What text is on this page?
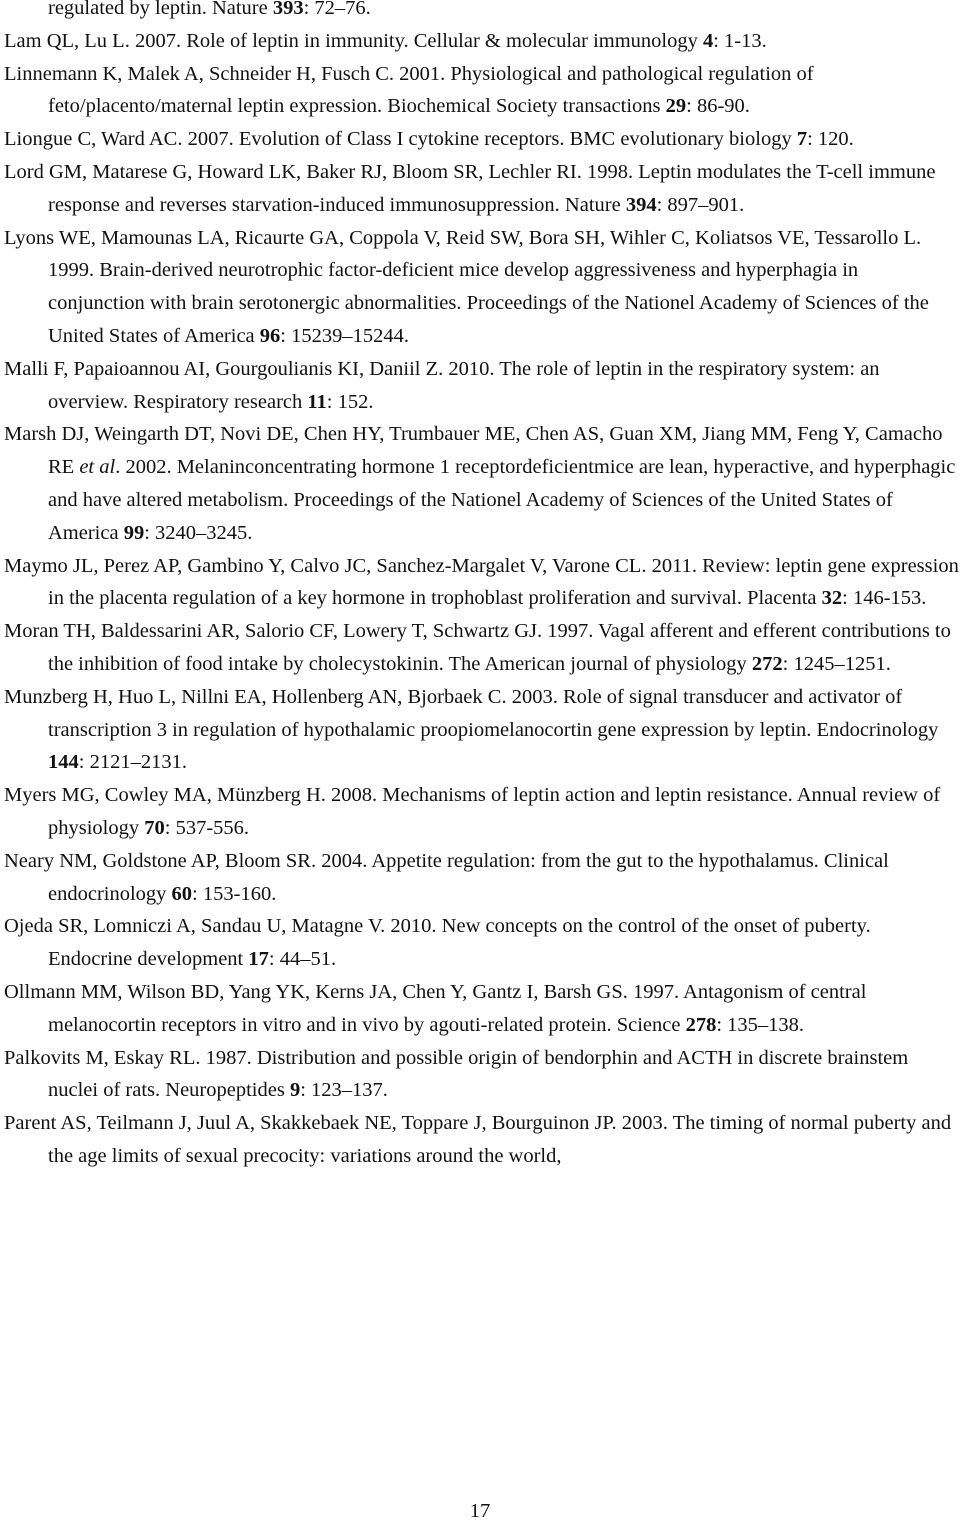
regulated by leptin. Nature 393: 72–76.

Lam QL, Lu L. 2007. Role of leptin in immunity. Cellular & molecular immunology 4: 1-13.

Linnemann K, Malek A, Schneider H, Fusch C. 2001. Physiological and pathological regulation of feto/placento/maternal leptin expression. Biochemical Society transactions 29: 86-90.

Liongue C, Ward AC. 2007. Evolution of Class I cytokine receptors. BMC evolutionary biology 7: 120.

Lord GM, Matarese G, Howard LK, Baker RJ, Bloom SR, Lechler RI. 1998. Leptin modulates the T-cell immune response and reverses starvation-induced immunosuppression. Nature 394: 897–901.

Lyons WE, Mamounas LA, Ricaurte GA, Coppola V, Reid SW, Bora SH, Wihler C, Koliatsos VE, Tessarollo L. 1999. Brain-derived neurotrophic factor-deficient mice develop aggressiveness and hyperphagia in conjunction with brain serotonergic abnormalities. Proceedings of the Nationel Academy of Sciences of the United States of America 96: 15239–15244.

Malli F, Papaioannou AI, Gourgoulianis KI, Daniil Z. 2010. The role of leptin in the respiratory system: an overview. Respiratory research 11: 152.

Marsh DJ, Weingarth DT, Novi DE, Chen HY, Trumbauer ME, Chen AS, Guan XM, Jiang MM, Feng Y, Camacho RE et al. 2002. Melaninconcentrating hormone 1 receptordeficientmice are lean, hyperactive, and hyperphagic and have altered metabolism. Proceedings of the Nationel Academy of Sciences of the United States of America 99: 3240–3245.

Maymo JL, Perez AP, Gambino Y, Calvo JC, Sanchez-Margalet V, Varone CL. 2011. Review: leptin gene expression in the placenta regulation of a key hormone in trophoblast proliferation and survival. Placenta 32: 146-153.

Moran TH, Baldessarini AR, Salorio CF, Lowery T, Schwartz GJ. 1997. Vagal afferent and efferent contributions to the inhibition of food intake by cholecystokinin. The American journal of physiology 272: 1245–1251.

Munzberg H, Huo L, Nillni EA, Hollenberg AN, Bjorbaek C. 2003. Role of signal transducer and activator of transcription 3 in regulation of hypothalamic proopiomelanocortin gene expression by leptin. Endocrinology 144: 2121–2131.

Myers MG, Cowley MA, Münzberg H. 2008. Mechanisms of leptin action and leptin resistance. Annual review of physiology 70: 537-556.

Neary NM, Goldstone AP, Bloom SR. 2004. Appetite regulation: from the gut to the hypothalamus. Clinical endocrinology 60: 153-160.

Ojeda SR, Lomniczi A, Sandau U, Matagne V. 2010. New concepts on the control of the onset of puberty. Endocrine development 17: 44–51.

Ollmann MM, Wilson BD, Yang YK, Kerns JA, Chen Y, Gantz I, Barsh GS. 1997. Antagonism of central melanocortin receptors in vitro and in vivo by agouti-related protein. Science 278: 135–138.

Palkovits M, Eskay RL. 1987. Distribution and possible origin of bendorphin and ACTH in discrete brainstem nuclei of rats. Neuropeptides 9: 123–137.

Parent AS, Teilmann J, Juul A, Skakkebaek NE, Toppare J, Bourguinon JP. 2003. The timing of normal puberty and the age limits of sexual precocity: variations around the world,

17
